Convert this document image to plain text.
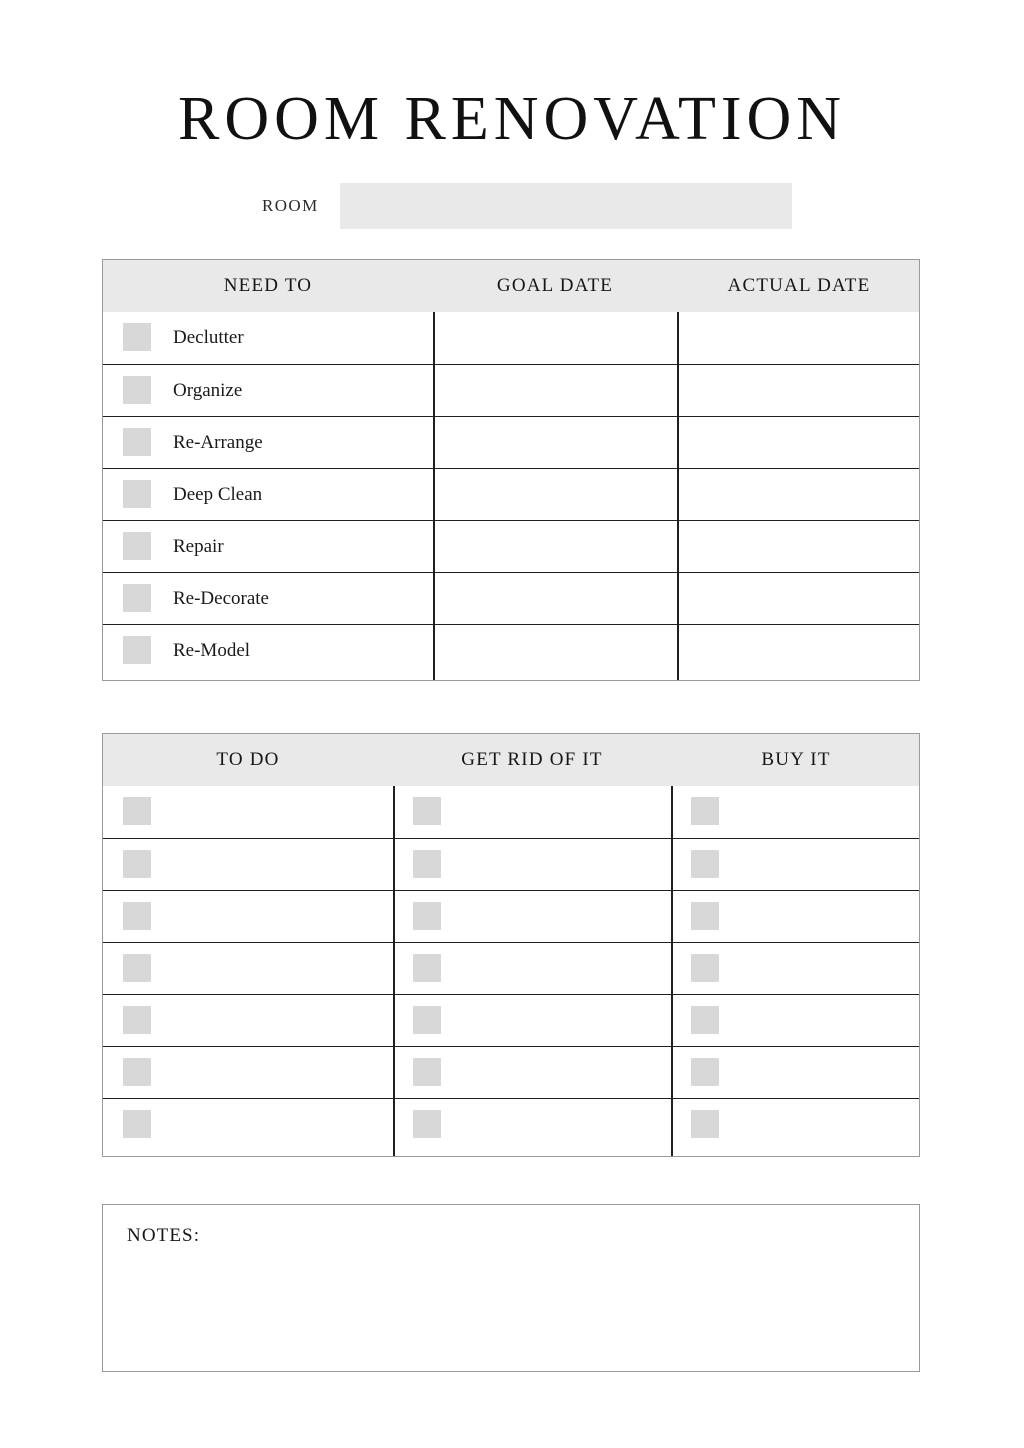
ROOM RENOVATION
ROOM
NEED TO	GOAL DATE	ACTUAL DATE
Declutter
Organize
Re-Arrange
Deep Clean
Repair
Re-Decorate
Re-Model
TO DO	GET RID OF IT	BUY IT
NOTES:
